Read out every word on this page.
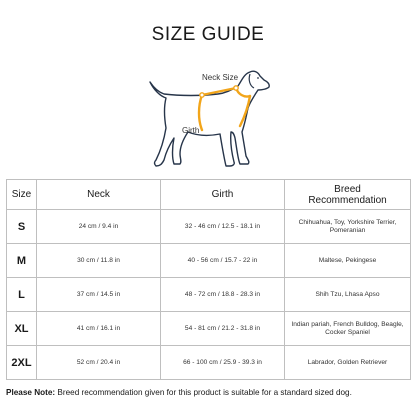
SIZE GUIDE
Neck Size
Girth
Size	Neck	Girth	Breed Recommendation
S	24 cm / 9.4 in	32 - 46 cm / 12.5 - 18.1 in	Chihuahua, Toy, Yorkshire Terrier, Pomeranian
M	30 cm / 11.8 in	40 - 56 cm / 15.7 - 22 in	Maltese, Pekingese
L	37 cm / 14.5 in	48 - 72 cm / 18.8 - 28.3 in	Shih Tzu, Lhasa Apso
XL	41 cm / 16.1 in	54 - 81 cm / 21.2 - 31.8 in	Indian pariah, French Bulldog, Beagle, Cocker Spaniel
2XL	52 cm / 20.4 in	66 - 100 cm / 25.9 - 39.3 in	Labrador, Golden Retriever
Please Note: Breed recommendation given for this product is suitable for a standard sized dog.
